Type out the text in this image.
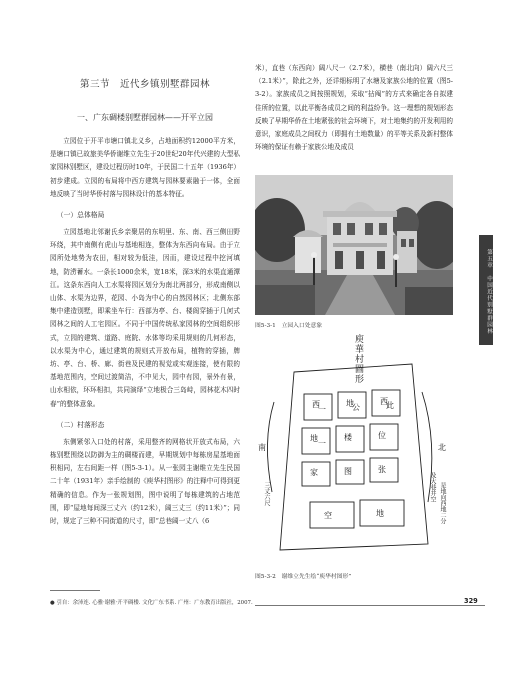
第三节　近代乡镇别墅群园林
一、广东碉楼别墅群园林——开平立园

立园位于开平市塘口镇北义乡，占地面积约12000平方米，是塘口镇已故旅美华侨谢维立先生于20世纪20年代兴建的大型私家园林别墅区，建设过程历时10年，于民国二十五年（1936年）初步建成。立园的布局将中西方建筑与园林要素融于一体，全面地反映了当时华侨村落与园林设计的基本特征。

（一）总体格局

立园基地北邻谢氏乡亲聚居的东明里、东、南、西三侧田野环绕，其中南侧有虎山与基地相连，整体为东西向布局。由于立园所处地势为农田，相对较为低洼，因而，建设过程中挖河填地，防涝蓄水。一条长1000余米，宽18米，深3米的水渠直通潭江。这条东西向人工水渠将园区划分为南北两部分，形成南侧以山体、水渠为边界，花园、小岛为中心的自然园林区；北侧东部集中建造别墅，即乘坐车行：西部为亭、台、楼阁穿插于几何式园林之间的人工宅园区。不同于中国传统私家园林的空间组织形式，立园的建筑、道路、庭院、水体等均采用规则的几何形态，以水渠为中心，通过建筑的规则式开放布局，植物的穿插，牌坊、亭、台、桥、廊、街巷及民建的视觉或实观连接，使有限的基地范围内，空间过渡简洁，不中见大，园中有园，景外有景，山水相依，环环相扣，共同演绎“立地极合三岛峙，园林花木四时春”的整体意象。

（二）村落形态

东侧紧邻入口处的村落，采用整齐的网格状开放式布局，六栋别墅围绕以防御为主的碉楼而建，早期规划中每栋房屋基地面积相同，左右间距一样（图5-3-1）。从一张园主谢维立先生民国二十年（1931年）亲手绘制的《庾华村图形》的注释中可得到更精确的信息。作为一张规划图，图中说明了每栋建筑的占地范围，即“屋地每间深三丈六（约12米），阔三丈三（约11米）”；同时，规定了三种不同街道的尺寸，即“总巷阔一丈八（6

米），直巷（东西向）阔八尺一（2.7米），横巷（南北向）阔六尺三（2.1米）”，除此之外，还详细标明了水塘及家族公地的位置（图5-3-2）。家族成员之间按照规划，采取“拈阄”的方式来确定各自拟建住所的位置，以此平衡各成员之间的利益纷争。这一理想的规划形态反映了早期华侨在土地紧张的社会环境下，对土地集约的开发利用的意识，家庭成员之间权力（即拥有土地数量）的平等关系及新村整体环境的保证有赖于家族公地及成员

图5-3-1　立园入口处意象
庾華村圖形
西	地	西
地	楼	位
家	图	张
一	公	此
一
空	地
南	北
是地向西地二分
及大巷并空
三丈六尺
图5-3-2　谢维立先生绘“庾华村图形”
第五章　中国近代别墅群园林
● 引自：余沛连. 心雅·谢雅·开平碉楼. 文化广东书系. 广州：广东教育出版社，2007.	329
